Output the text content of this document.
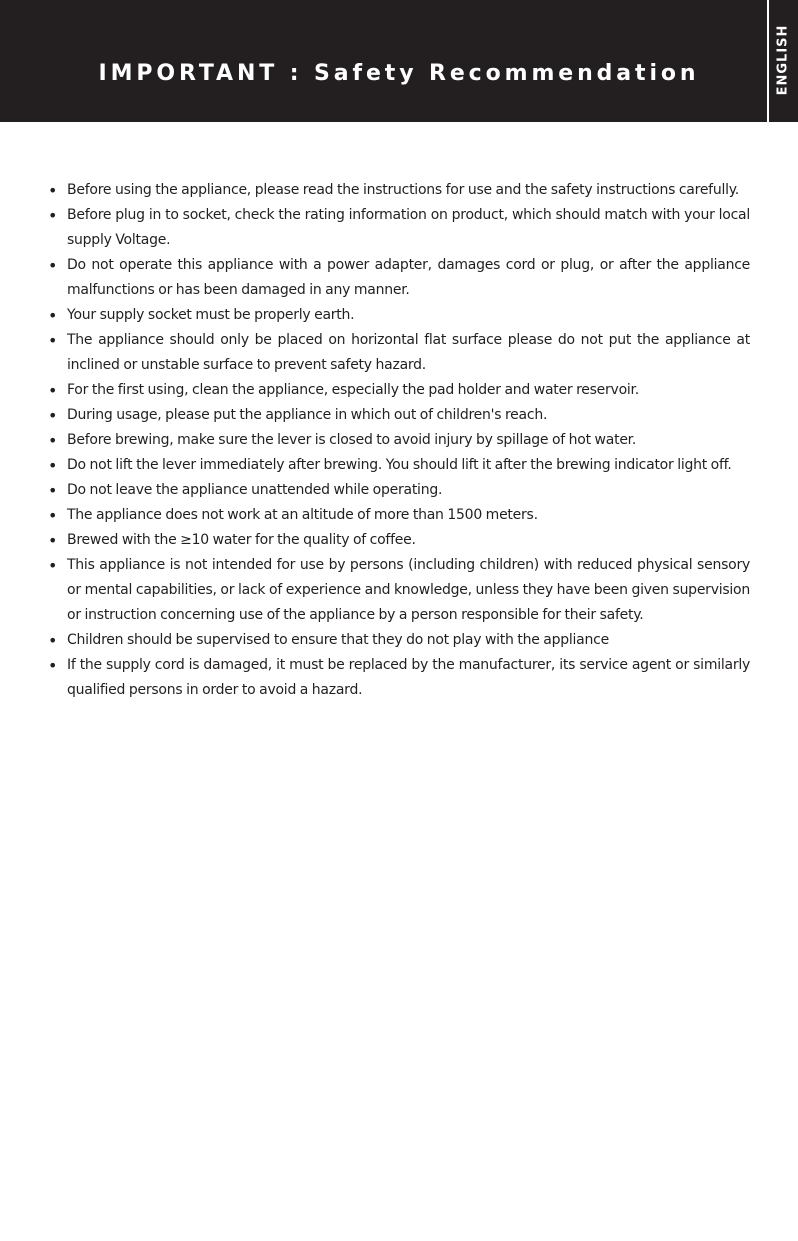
IMPORTANT : Safety Recommendation	ENGLISH
• Before using the appliance, please read the instructions for use and the safety instructions carefully.
• Before plug in to socket, check the rating information on product, which should match with your local supply Voltage.
• Do not operate this appliance with a power adapter, damages cord or plug, or after the appliance malfunctions or has been damaged in any manner.
• Your supply socket must be properly earth.
• The appliance should only be placed on horizontal flat surface please do not put the appliance at inclined or unstable surface to prevent safety hazard.
• For the first using, clean the appliance, especially the pad holder and water reservoir.
• During usage, please put the appliance in which out of children's reach.
• Before brewing, make sure the lever is closed to avoid injury by spillage of hot water.
• Do not lift the lever immediately after brewing. You should lift it after the brewing indicator light off.
• Do not leave the appliance unattended while operating.
• The appliance does not work at an altitude of more than 1500 meters.
• Brewed with the ≥10 water for the quality of coffee.
• This appliance is not intended for use by persons (including children) with reduced physical sensory or mental capabilities, or lack of experience and knowledge, unless they have been given supervision or instruction concerning use of the appliance by a person responsible for their safety.
• Children should be supervised to ensure that they do not play with the appliance
• If the supply cord is damaged, it must be replaced by the manufacturer, its service agent or similarly qualified persons in order to avoid a hazard.
